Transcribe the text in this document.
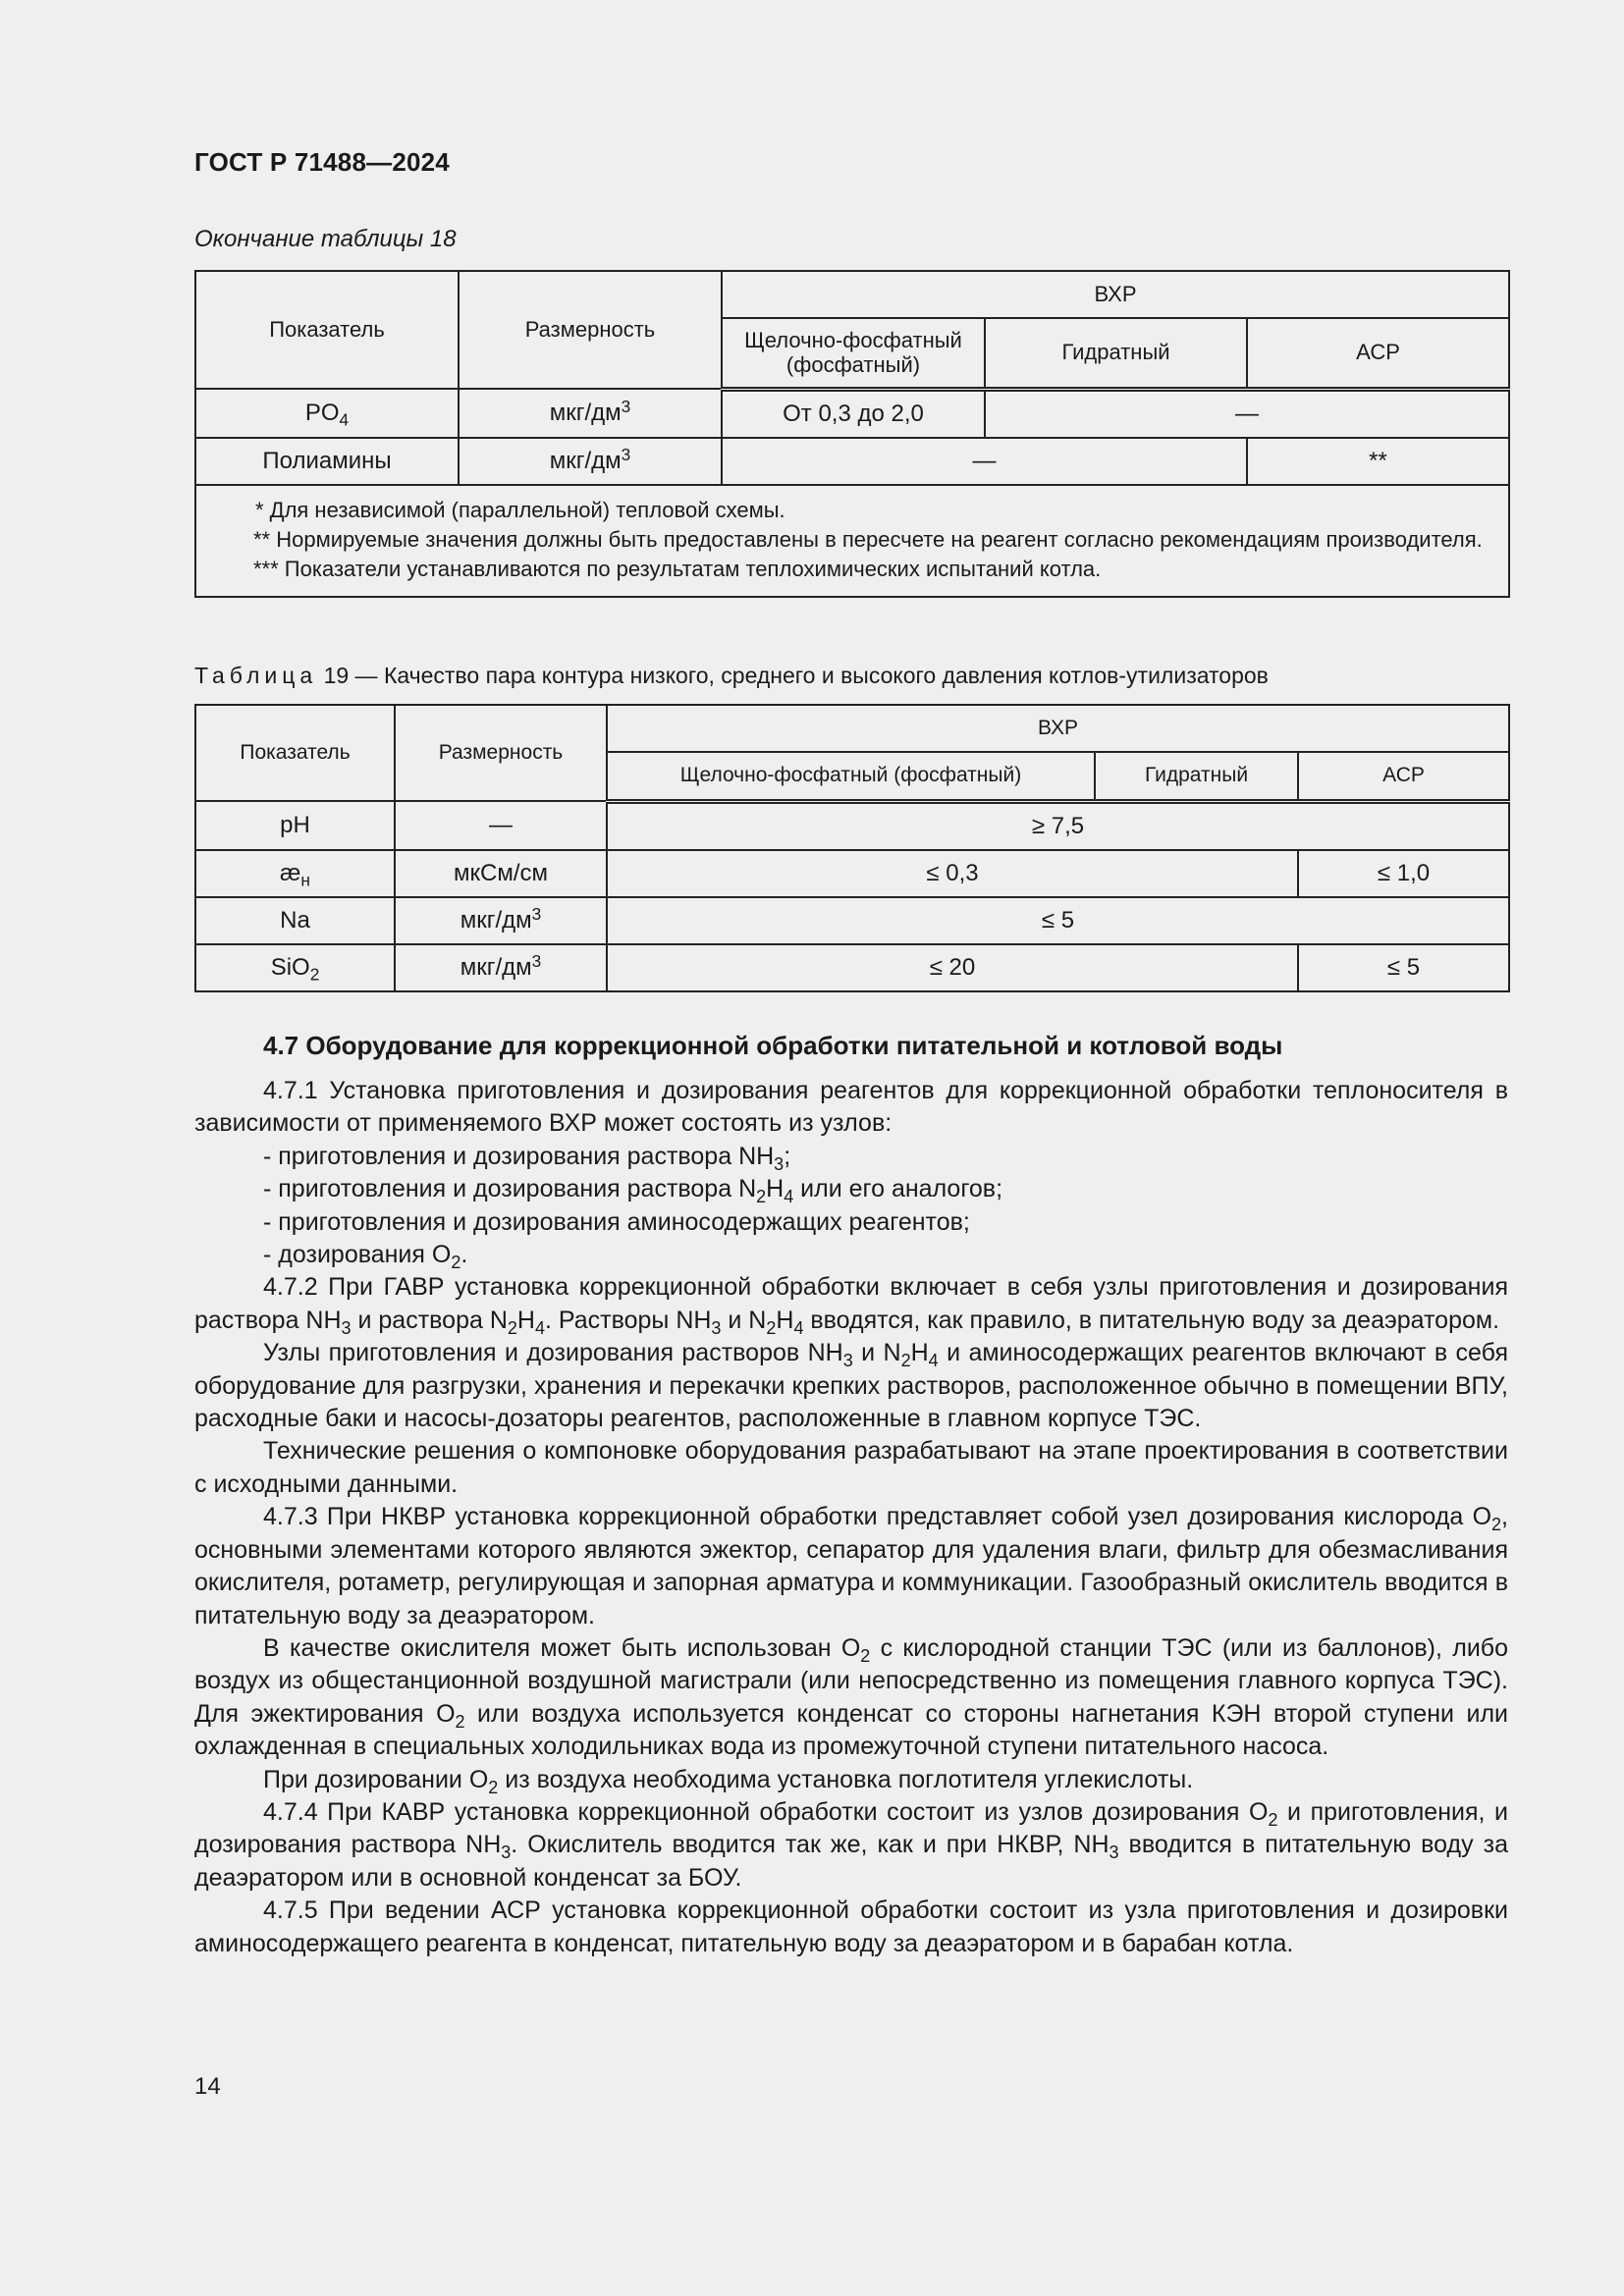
ГОСТ Р 71488—2024
Окончание таблицы 18
Показатель	Размерность	ВХР		
		Щелочно-фосфатный (фосфатный)	Гидратный	АСР
$PO_4$	мкг/$дм^3$	От 0,3 до 2,0	—	
Полиамины	мкг/$дм^3$	—		**

* Для независимой (параллельной) тепловой схемы.
** Нормируемые значения должны быть предоставлены в пересчете на реагент согласно рекомендациям производителя.
*** Показатели устанавливаются по результатам теплохимических испытаний котла.				
Таблица 19 — Качество пара контура низкого, среднего и высокого давления котлов-утилизаторов
Показатель	Размерность	ВХР		
		Щелочно-фосфатный (фосфатный)	Гидратный	АСР
pH	—	≥ 7,5		
$æ_н$	мкСм/см	≤ 0,3		≤ 1,0
Na	мкг/$дм^3$	≤ 5		
SiO$_2$	мкг/$дм^3$	≤ 20		≤ 5
4.7 Оборудование для коррекционной обработки питательной и котловой воды

4.7.1 Установка приготовления и дозирования реагентов для коррекционной обработки теплоносителя в зависимости от применяемого ВХР может состоять из узлов:

- приготовления и дозирования раствора $NH_3$;

- приготовления и дозирования раствора $N_2H_4$ или его аналогов;

- приготовления и дозирования аминосодержащих реагентов;

- дозирования $O_2$.

4.7.2 При ГАВР установка коррекционной обработки включает в себя узлы приготовления и дозирования раствора $NH_3$ и раствора $N_2H_4$. Растворы $NH_3$ и $N_2H_4$ вводятся, как правило, в питательную воду за деаэратором.

Узлы приготовления и дозирования растворов $NH_3$ и $N_2H_4$ и аминосодержащих реагентов включают в себя оборудование для разгрузки, хранения и перекачки крепких растворов, расположенное обычно в помещении ВПУ, расходные баки и насосы-дозаторы реагентов, расположенные в главном корпусе ТЭС.

Технические решения о компоновке оборудования разрабатывают на этапе проектирования в соответствии с исходными данными.

4.7.3 При НКВР установка коррекционной обработки представляет собой узел дозирования кислорода $O_2$, основными элементами которого являются эжектор, сепаратор для удаления влаги, фильтр для обезмасливания окислителя, ротаметр, регулирующая и запорная арматура и коммуникации. Газообразный окислитель вводится в питательную воду за деаэратором.

В качестве окислителя может быть использован $O_2$ с кислородной станции ТЭС (или из баллонов), либо воздух из общестанционной воздушной магистрали (или непосредственно из помещения главного корпуса ТЭС). Для эжектирования $O_2$ или воздуха используется конденсат со стороны нагнетания КЭН второй ступени или охлажденная в специальных холодильниках вода из промежуточной ступени питательного насоса.

При дозировании $O_2$ из воздуха необходима установка поглотителя углекислоты.

4.7.4 При КАВР установка коррекционной обработки состоит из узлов дозирования $O_2$ и приготовления, и дозирования раствора $NH_3$. Окислитель вводится так же, как и при НКВР, $NH_3$ вводится в питательную воду за деаэратором или в основной конденсат за БОУ.

4.7.5 При ведении АСР установка коррекционной обработки состоит из узла приготовления и дозировки аминосодержащего реагента в конденсат, питательную воду за деаэратором и в барабан котла.

14
